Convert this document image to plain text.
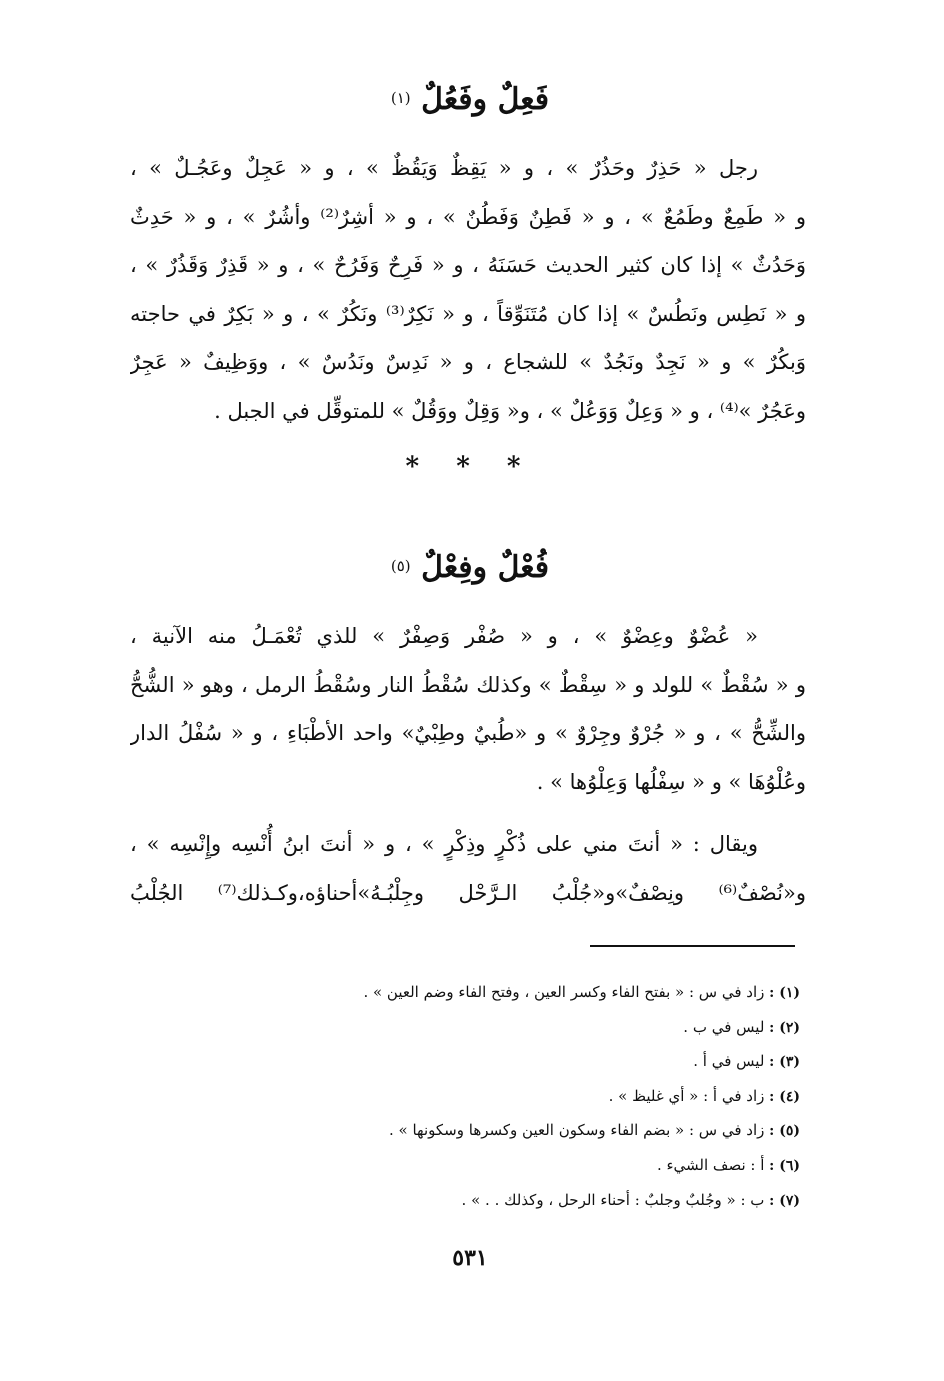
فَعِلٌ وفَعُلٌ $^{(١)}$
رجل « حَذِرٌ وحَذُرٌ » ، و « يَقِظٌ وَيَقُظٌ » ، و « عَجِلٌ وعَجُـلٌ » ،
و « طَمِعٌ وطَمُعٌ » ، و « فَطِنٌ وَفَطُنٌ » ، و « أشِرٌ⁽²⁾ وأشُرٌ » ، و « حَدِثٌ
وَحَدُثٌ » إذا كان كثير الحديث حَسَنَهُ ، و « فَرِحٌ وَفَرُحٌ » ، و « قَذِرٌ وَقَذُرٌ » ،
و « نَطِس ونَطُسٌ » إذا كان مُتَنَوِّقاً ، و « نَكِرٌ⁽³⁾ ونَكُرٌ » ، و « بَكِرٌ في حاجته
وَبكُرٌ » و « نَجِدٌ ونَجُدٌ » للشجاع ، و « نَدِسٌ ونَدُسٌ » ، ووَظِيفٌ « عَجِرٌ
وعَجُرٌ »⁽⁴⁾ ، و « وَعِلٌ وَوَعُلٌ » ، و« وَقِلٌ ووَقُلٌ » للمتوقِّل في الجبل .
* * *
فُعْلٌ وفِعْلٌ $^{(٥)}$
« عُضْوٌ وعِضْوٌ » ، و « صُفْر وَصِفْرٌ » للذي تُعْمَـلُ منه الآنية ،
و « سُقْطٌ » للولد و « سِقْطٌ » وكذلك سُقْطُ النار وسُقْطُ الرمل ، وهو « الشُّحُّ
والشِّحُّ » ، و « جُرْوٌ وجِرْوٌ » و «طُبيٌ وطِبْيٌ» واحد الأطْبَاءِ ، و « سُفْلُ الدار
وعُلْوُهَا » و « سِفْلُها وَعِلْوُها » .
ويقال : « أنتَ مني على ذُكْرٍ وذِكْرٍ » ، و « أنتَ ابنُ أُنْسِه وإِنْسِه » ،
و«نُصْفٌ⁽⁶⁾ ونِصْفٌ»و«جُلْبُ الـرَّحْل وجِلْبُـهُ»أحناؤه،وكـذلك⁽⁷⁾ الجُلْبُ
(١) : زاد في س : « بفتح الفاء وكسر العين ، وفتح الفاء وضم العين » .
(٢) : ليس في ب .
(٣) : ليس في أ .
(٤) : زاد في أ : « أي غليظ » .
(٥) : زاد في س : « بضم الفاء وسكون العين وكسرها وسكونها » .
(٦) : أ : نصف الشيء .
(٧) : ب : « وجُلبٌ وجلبٌ : أحناء الرحل ، وكذلك . . » .
٥٣١
